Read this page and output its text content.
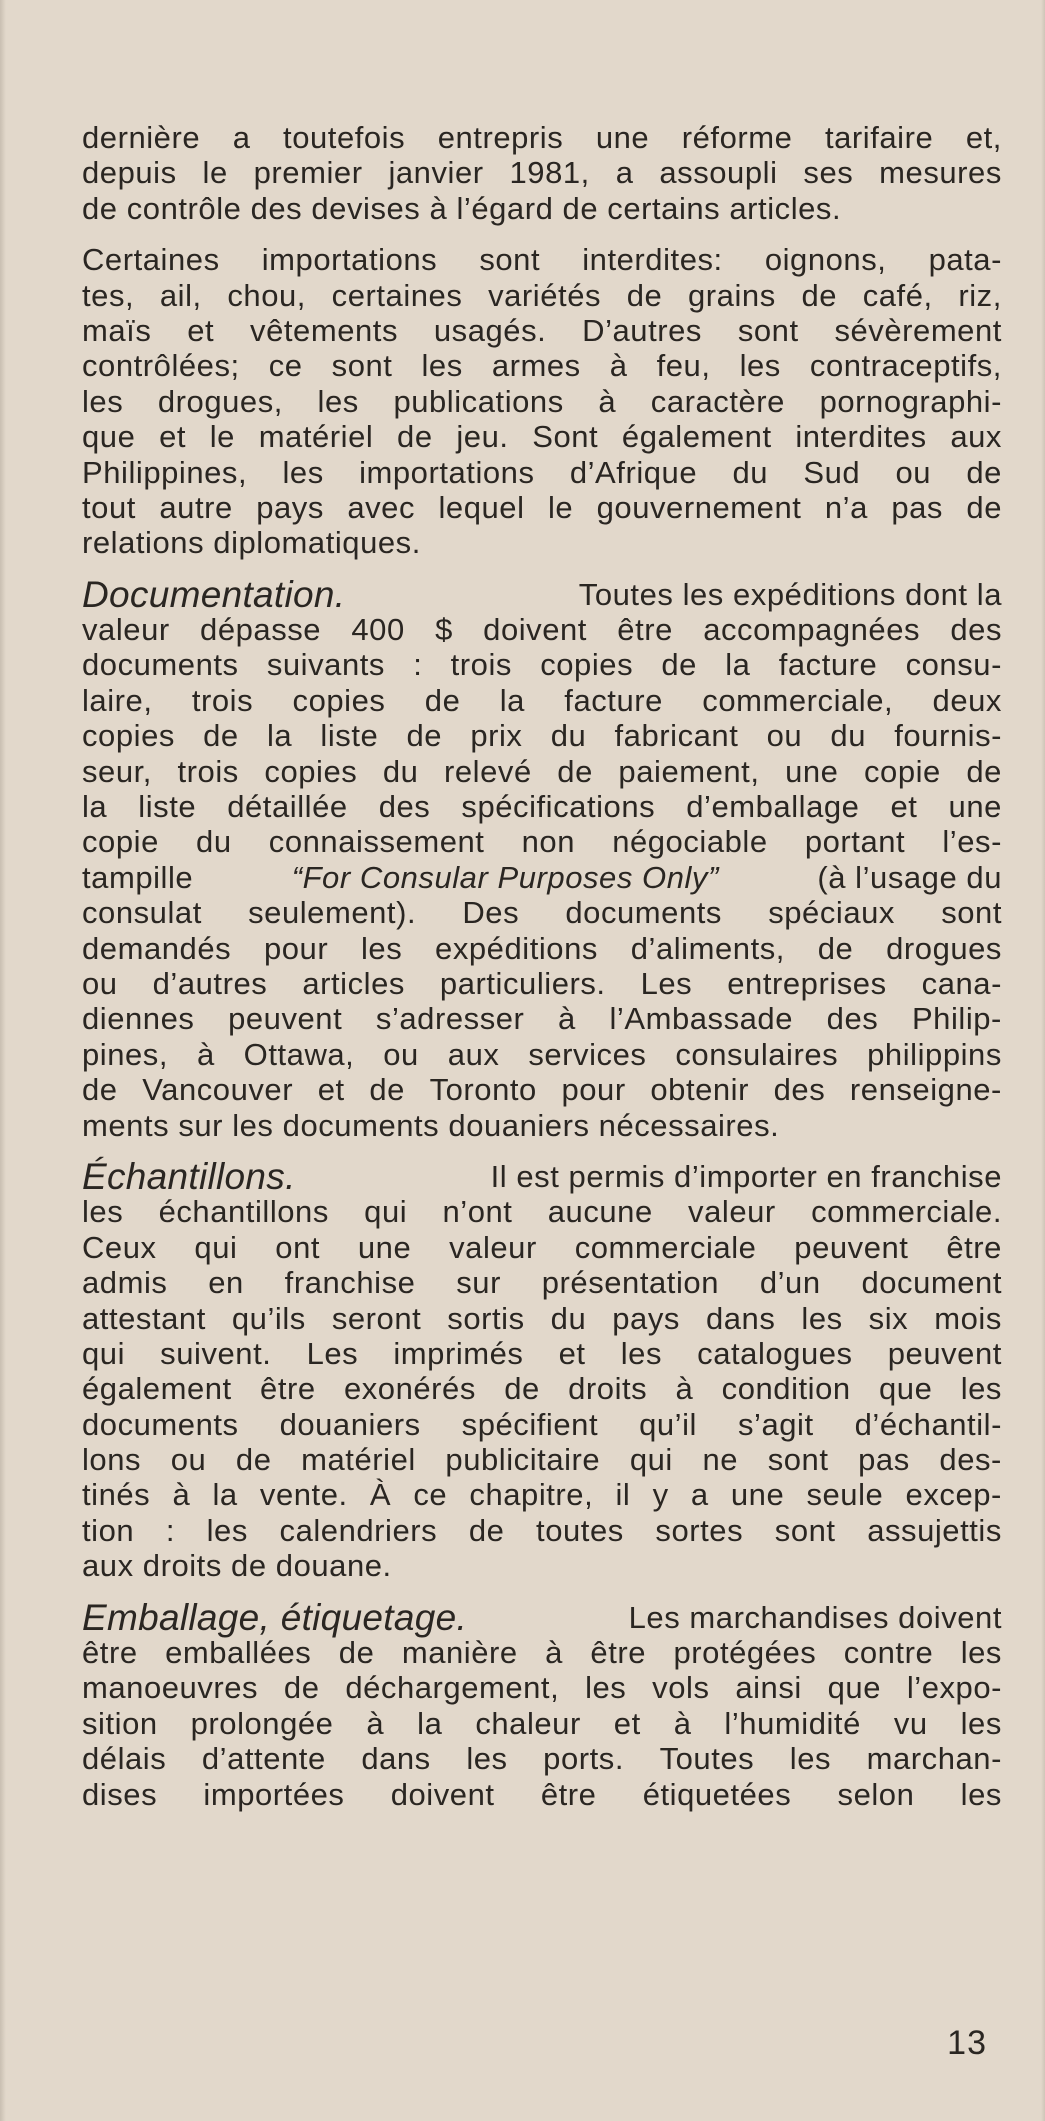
dernière a toutefois entrepris une réforme tarifaire et,
depuis le premier janvier 1981, a assoupli ses mesures
de contrôle des devises à l’égard de certains articles.
Certaines importations sont interdites: oignons, pata-
tes, ail, chou, certaines variétés de grains de café, riz,
maïs et vêtements usagés. D’autres sont sévèrement
contrôlées; ce sont les armes à feu, les contraceptifs,
les drogues, les publications à caractère pornographi-
que et le matériel de jeu. Sont également interdites aux
Philippines, les importations d’Afrique du Sud ou de
tout autre pays avec lequel le gouvernement n’a pas de
relations diplomatiques.
Documentation.	Toutes les expéditions dont la
valeur dépasse 400 $ doivent être accompagnées des
documents suivants : trois copies de la facture consu-
laire, trois copies de la facture commerciale, deux
copies de la liste de prix du fabricant ou du fournis-
seur, trois copies du relevé de paiement, une copie de
la liste détaillée des spécifications d’emballage et une
copie du connaissement non négociable portant l’es-
tampille	“For Consular Purposes Only”	(à l’usage du
consulat seulement). Des documents spéciaux sont
demandés pour les expéditions d’aliments, de drogues
ou d’autres articles particuliers. Les entreprises cana-
diennes peuvent s’adresser à l’Ambassade des Philip-
pines, à Ottawa, ou aux services consulaires philippins
de Vancouver et de Toronto pour obtenir des renseigne-
ments sur les documents douaniers nécessaires.
Échantillons.	Il est permis d’importer en franchise
les échantillons qui n’ont aucune valeur commerciale.
Ceux qui ont une valeur commerciale peuvent être
admis en franchise sur présentation d’un document
attestant qu’ils seront sortis du pays dans les six mois
qui suivent. Les imprimés et les catalogues peuvent
également être exonérés de droits à condition que les
documents douaniers spécifient qu’il s’agit d’échantil-
lons ou de matériel publicitaire qui ne sont pas des-
tinés à la vente. À ce chapitre, il y a une seule excep-
tion : les calendriers de toutes sortes sont assujettis
aux droits de douane.
Emballage, étiquetage.	Les marchandises doivent
être emballées de manière à être protégées contre les
manoeuvres de déchargement, les vols ainsi que l’expo-
sition prolongée à la chaleur et à l’humidité vu les
délais d’attente dans les ports. Toutes les marchan-
dises importées doivent être étiquetées selon les
13
